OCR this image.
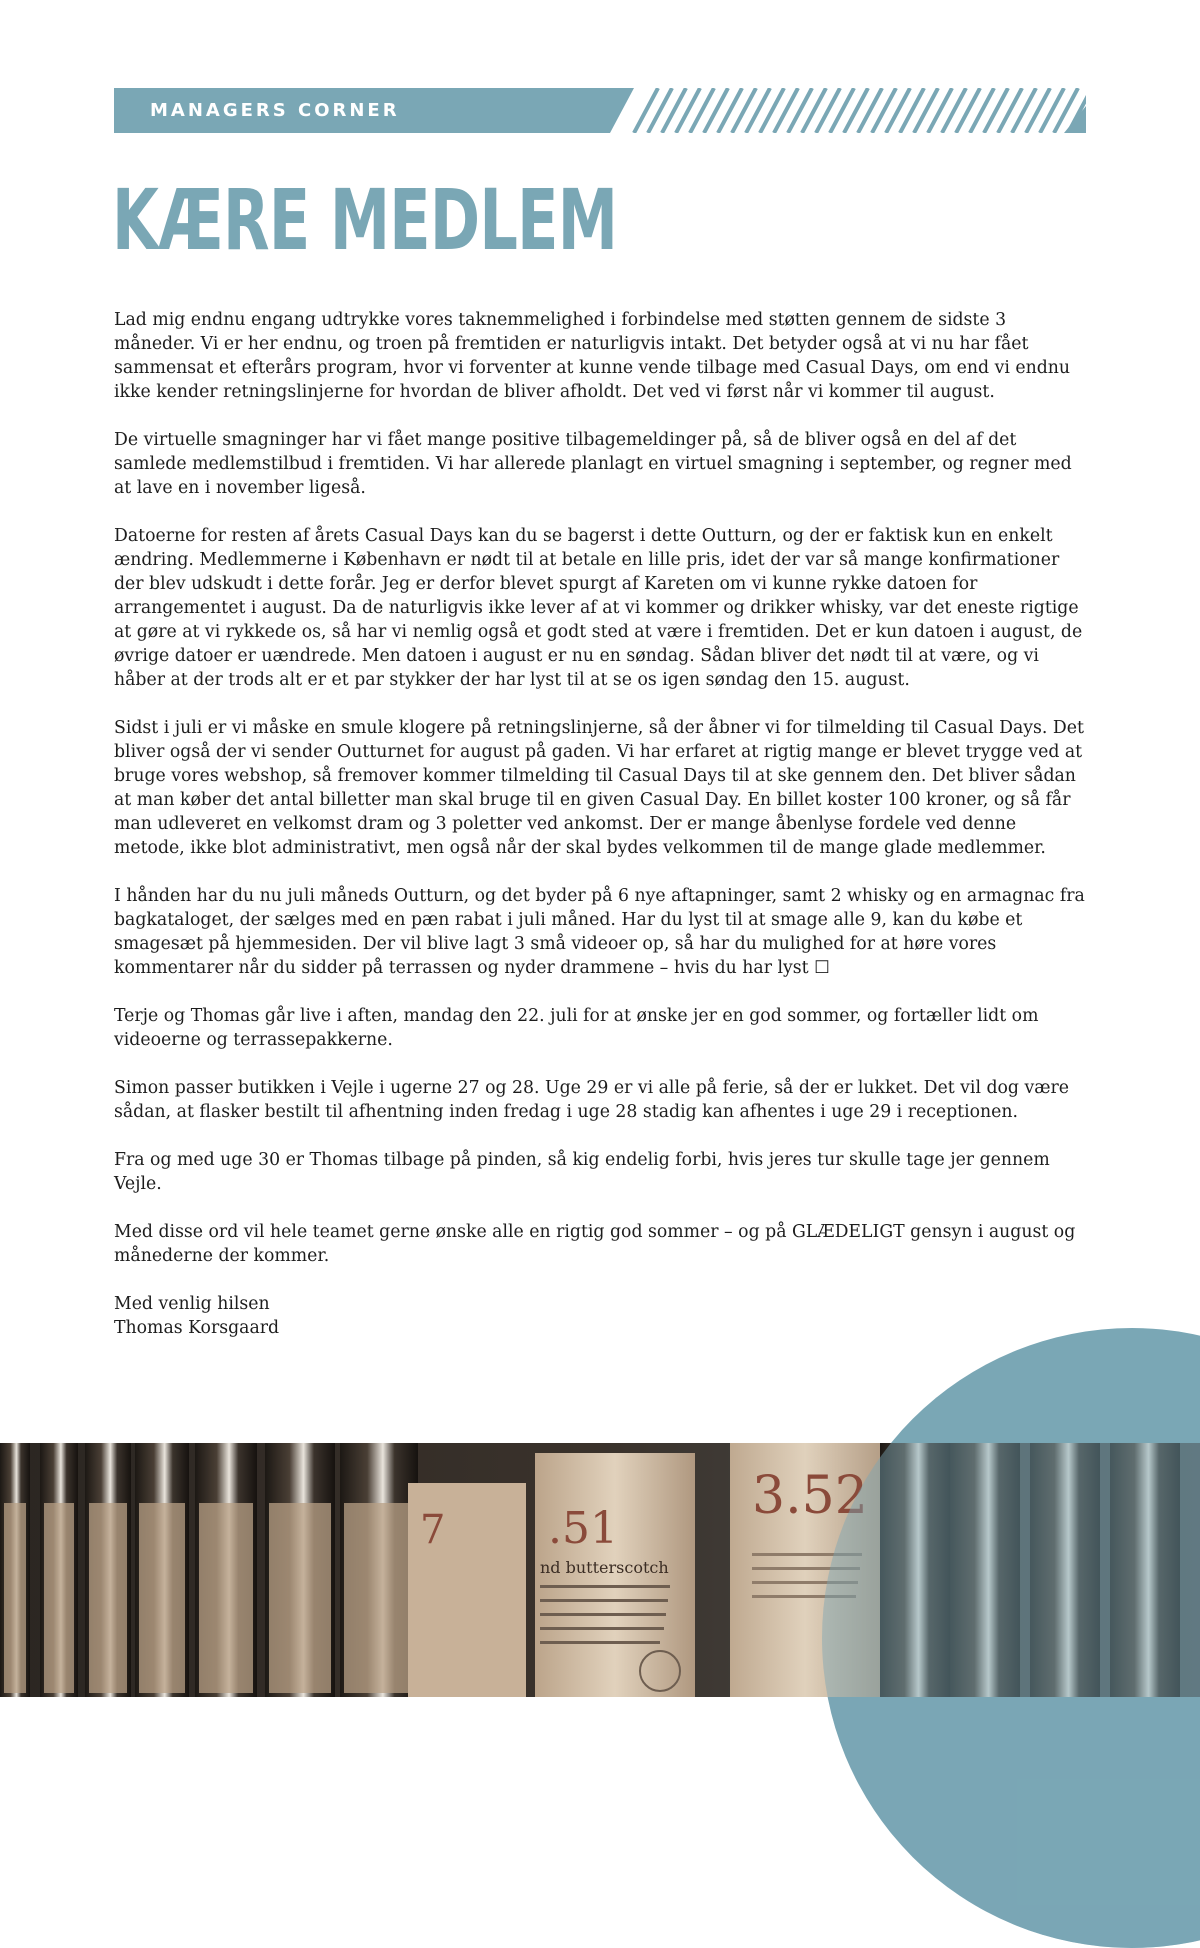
MANAGERS CORNER
KÆRE MEDLEM

Lad mig endnu engang udtrykke vores taknemmelighed i forbindelse med støtten gennem de sidste 3 måneder. Vi er her endnu, og troen på fremtiden er naturligvis intakt. Det betyder også at vi nu har fået sammensat et efterårs program, hvor vi forventer at kunne vende tilbage med Casual Days, om end vi endnu ikke kender retningslinjerne for hvordan de bliver afholdt. Det ved vi først når vi kommer til august.

De virtuelle smagninger har vi fået mange positive tilbagemeldinger på, så de bliver også en del af det samlede medlemstilbud i fremtiden. Vi har allerede planlagt en virtuel smagning i september, og regner med at lave en i november ligeså.

Datoerne for resten af årets Casual Days kan du se bagerst i dette Outturn, og der er faktisk kun en enkelt ændring. Medlemmerne i København er nødt til at betale en lille pris, idet der var så mange konfirmationer der blev udskudt i dette forår. Jeg er derfor blevet spurgt af Kareten om vi kunne rykke datoen for arrangementet i august. Da de naturligvis ikke lever af at vi kommer og drikker whisky, var det eneste rigtige at gøre at vi rykkede os, så har vi nemlig også et godt sted at være i fremtiden. Det er kun datoen i august, de øvrige datoer er uændrede. Men datoen i august er nu en søndag. Sådan bliver det nødt til at være, og vi håber at der trods alt er et par stykker der har lyst til at se os igen søndag den 15. august.

Sidst i juli er vi måske en smule klogere på retningslinjerne, så der åbner vi for tilmelding til Casual Days. Det bliver også der vi sender Outturnet for august på gaden. Vi har erfaret at rigtig mange er blevet trygge ved at bruge vores webshop, så fremover kommer tilmelding til Casual Days til at ske gennem den. Det bliver sådan at man køber det antal billetter man skal bruge til en given Casual Day. En billet koster 100 kroner, og så får man udleveret en velkomst dram og 3 poletter ved ankomst. Der er mange åbenlyse fordele ved denne metode, ikke blot administrativt, men også når der skal bydes velkommen til de mange glade medlemmer.

I hånden har du nu juli måneds Outturn, og det byder på 6 nye aftapninger, samt 2 whisky og en armagnac fra bagkataloget, der sælges med en pæn rabat i juli måned. Har du lyst til at smage alle 9, kan du købe et smagesæt på hjemmesiden. Der vil blive lagt 3 små videoer op, så har du mulighed for at høre vores kommentarer når du sidder på terrassen og nyder drammene – hvis du har lyst ☐

Terje og Thomas går live i aften, mandag den 22. juli for at ønske jer en god sommer, og fortæller lidt om videoerne og terrassepakkerne.

Simon passer butikken i Vejle i ugerne 27 og 28. Uge 29 er vi alle på ferie, så der er lukket. Det vil dog være sådan, at flasker bestilt til afhentning inden fredag i uge 28 stadig kan afhentes i uge 29 i receptionen.

Fra og med uge 30 er Thomas tilbage på pinden, så kig endelig forbi, hvis jeres tur skulle tage jer gennem Vejle.

Med disse ord vil hele teamet gerne ønske alle en rigtig god sommer – og på GLÆDELIGT gensyn i august og månederne der kommer.

Med venlig hilsen
Thomas Korsgaard

.51
nd butterscotch
3.52
7
